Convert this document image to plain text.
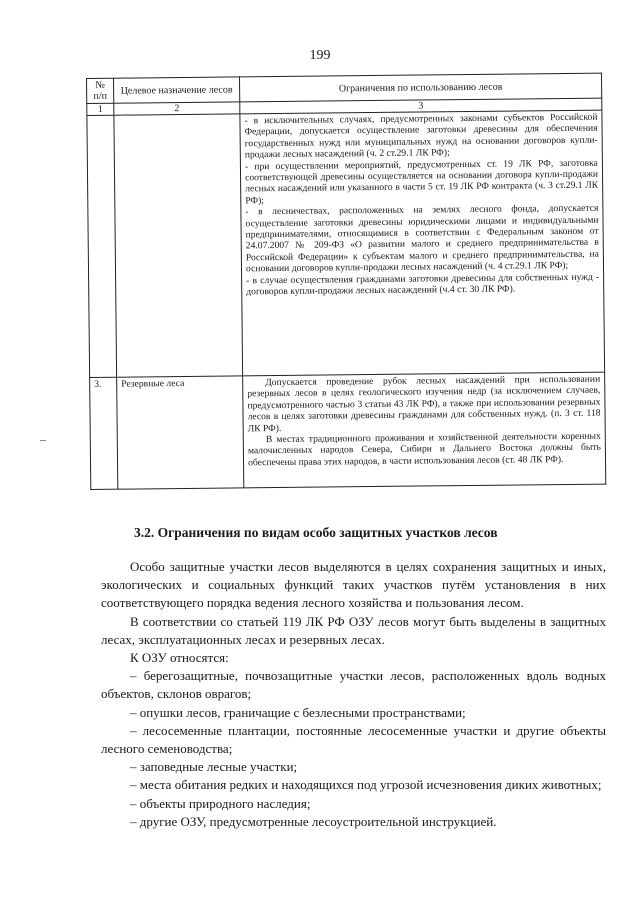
199
№ п/п	Целевое назначение лесов	Ограничения по использованию лесов
1	2	3

		- в исключительных случаях, предусмотренных законами субъектов Российской Федерации, допускается осуществление заготовки древесины для обеспечения государственных нужд или муниципальных нужд на основании договоров купли-продажи лесных насаждений (ч. 2 ст.29.1 ЛК РФ);

- при осуществлении мероприятий, предусмотренных ст. 19 ЛК РФ, заготовка соответствующей древесины осуществляется на основании договора купли-продажи лесных насаждений или указанного в части 5 ст. 19 ЛК РФ контракта (ч. 3 ст.29.1 ЛК РФ);

- в лесничествах, расположенных на землях лесного фонда, допускается осуществление заготовки древесины юридическими лицами и индивидуальными предпринимателями, относящимися в соответствии с Федеральным законом от 24.07.2007 № 209-ФЗ «О развитии малого и среднего предпринимательства в Российской Федерации» к субъектам малого и среднего предпринимательства, на основании договоров купли-продажи лесных насаждений (ч. 4 ст.29.1 ЛК РФ);

- в случае осуществления гражданами заготовки древесины для собственных нужд - договоров купли-продажи лесных насаждений (ч.4 ст. 30 ЛК РФ).

3.	Резервные леса	Допускается проведение рубок лесных насаждений при использовании резервных лесов в целях геологического изучения недр (за исключением случаев, предусмотренного частью 3 статьи 43 ЛК РФ), а также при использовании резервных лесов в целях заготовки древесины гражданами для собственных нужд. (п. 3 ст. 118 ЛК РФ).

В местах традиционного проживания и хозяйственной деятельности коренных малочисленных народов Севера, Сибири и Дальнего Востока должны быть обеспечены права этих народов, в части использования лесов (ст. 48 ЛК РФ).

3.2. Ограничения по видам особо защитных участков лесов

Особо защитные участки лесов выделяются в целях сохранения защитных и иных, экологических и социальных функций таких участков путём установления в них соответствующего порядка ведения лесного хозяйства и пользования лесом.

В соответствии со статьей 119 ЛК РФ ОЗУ лесов могут быть выделены в защитных лесах, эксплуатационных лесах и резервных лесах.

К ОЗУ относятся:

– берегозащитные, почвозащитные участки лесов, расположенных вдоль водных объектов, склонов оврагов;

– опушки лесов, граничащие с безлесными пространствами;

– лесосеменные плантации, постоянные лесосеменные участки и другие объекты лесного семеноводства;

– заповедные лесные участки;

– места обитания редких и находящихся под угрозой исчезновения диких животных;

– объекты природного наследия;

– другие ОЗУ, предусмотренные лесоустроительной инструкцией.
